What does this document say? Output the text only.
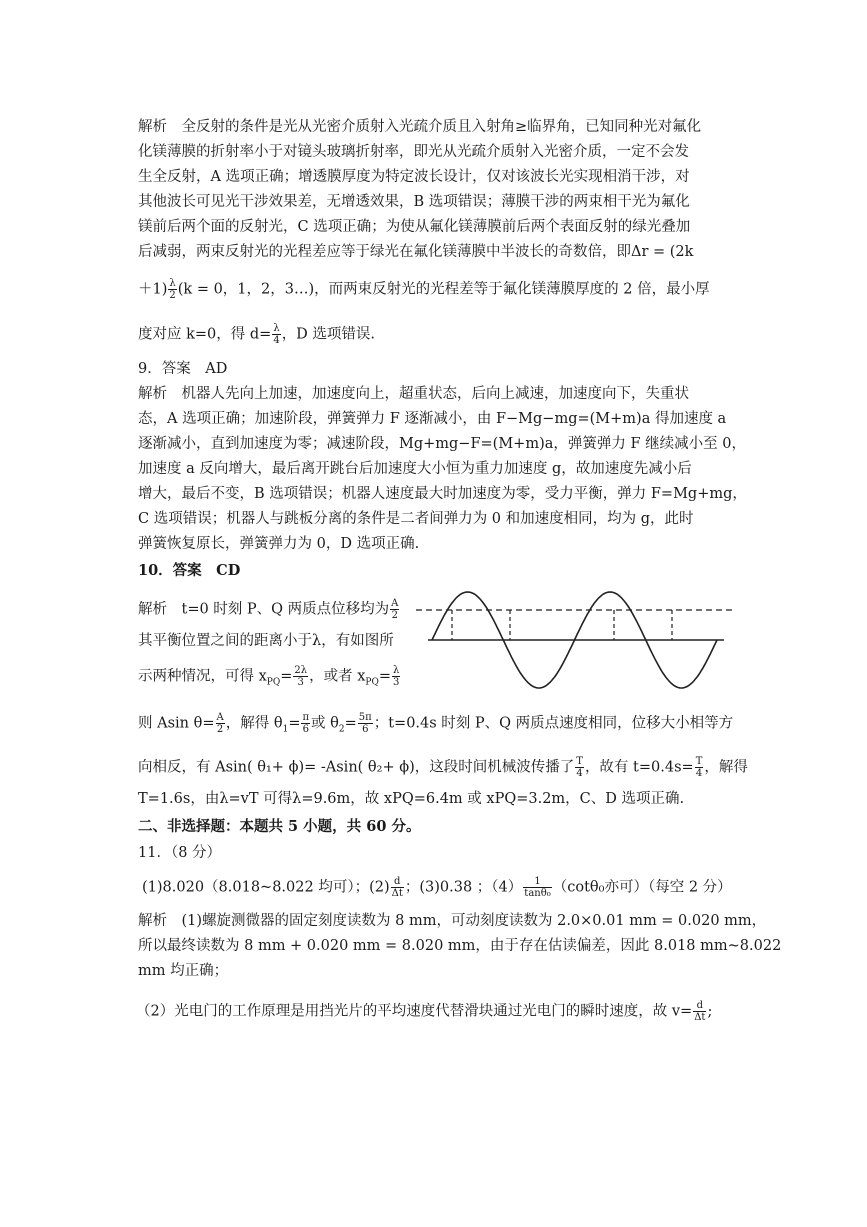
解析　全反射的条件是光从光密介质射入光疏介质且入射角≥临界角，已知同种光对氟化
化镁薄膜的折射率小于对镜头玻璃折射率，即光从光疏介质射入光密介质，一定不会发
生全反射，A 选项正确；增透膜厚度为特定波长设计，仅对该波长光实现相消干涉，对
其他波长可见光干涉效果差，无增透效果，B 选项错误；薄膜干涉的两束相干光为氟化
镁前后两个面的反射光，C 选项正确；为使从氟化镁薄膜前后两个表面反射的绿光叠加
后减弱，两束反射光的光程差应等于绿光在氟化镁薄膜中半波长的奇数倍，即Δr = (2k
$+1) \frac{\lambda}{2} (k = 0$，1，2，3…)，而两束反射光的光程差等于氟化镁薄膜厚度的 2 倍，最小厚
度对应 k=0，得 $d= \frac{\lambda}{4}$ ，D 选项错误.
9．答案　AD
解析　机器人先向上加速，加速度向上，超重状态，后向上减速，加速度向下，失重状
态，A 选项正确；加速阶段，弹簧弹力 F 逐渐减小，由 F−Mg−mg=(M+m)a 得加速度 a
逐渐减小，直到加速度为零；减速阶段，Mg+mg−F=(M+m)a，弹簧弹力 F 继续减小至 0，
加速度 a 反向增大，最后离开跳台后加速度大小恒为重力加速度 g，故加速度先减小后
增大，最后不变，B 选项错误；机器人速度最大时加速度为零，受力平衡，弹力 F=Mg+mg，
C 选项错误；机器人与跳板分离的条件是二者间弹力为 0 和加速度相同，均为 g，此时
弹簧恢复原长，弹簧弹力为 0，D 选项正确.
10．答案　CD
解析　t=0 时刻 P、Q 两质点位移均为 $\frac{A}{2}$
其平衡位置之间的距离小于λ，有如图所
示两种情况，可得 $x_{PQ}= \frac{2\lambda}{3}$ ，或者 $x_{PQ}= \frac{\lambda}{3}$
则 Asin $\theta= \frac{A}{2}$ ，解得 $\theta_1= \frac{\pi}{6}$ 或 $\theta_2= \frac{5\pi}{6}$ ；t=0.4s 时刻 P、Q 两质点速度相同，位移大小相等方
向相反，有 Asin( θ₁+ ϕ)= -Asin( θ₂+ ϕ)，这段时间机械波传播了 $\frac{T}{4}$ ，故有 $t=0.4s= \frac{T}{4}$ ，解得
T=1.6s，由λ=vT 可得λ=9.6m，故 xPQ=6.4m 或 xPQ=3.2m，C、D 选项正确.
二、非选择题：本题共 5 小题，共 60 分。
11．（8 分）
(1)8.020（8.018~8.022 均可）；$(2) \frac{d}{\Delta t}$ ；(3)0.38 ；$(4) \frac{1}{\text{tanθ₀}} (\cot\theta_0$亦可）（每空 2 分）
解析　(1)螺旋测微器的固定刻度读数为 8 mm，可动刻度读数为 2.0×0.01 mm = 0.020 mm，
所以最终读数为 8 mm + 0.020 mm = 8.020 mm，由于存在估读偏差，因此 8.018 mm~8.022
mm 均正确；
（2）光电门的工作原理是用挡光片的平均速度代替滑块通过光电门的瞬时速度，故 $v= \frac{d}{\Delta t}$ ;
